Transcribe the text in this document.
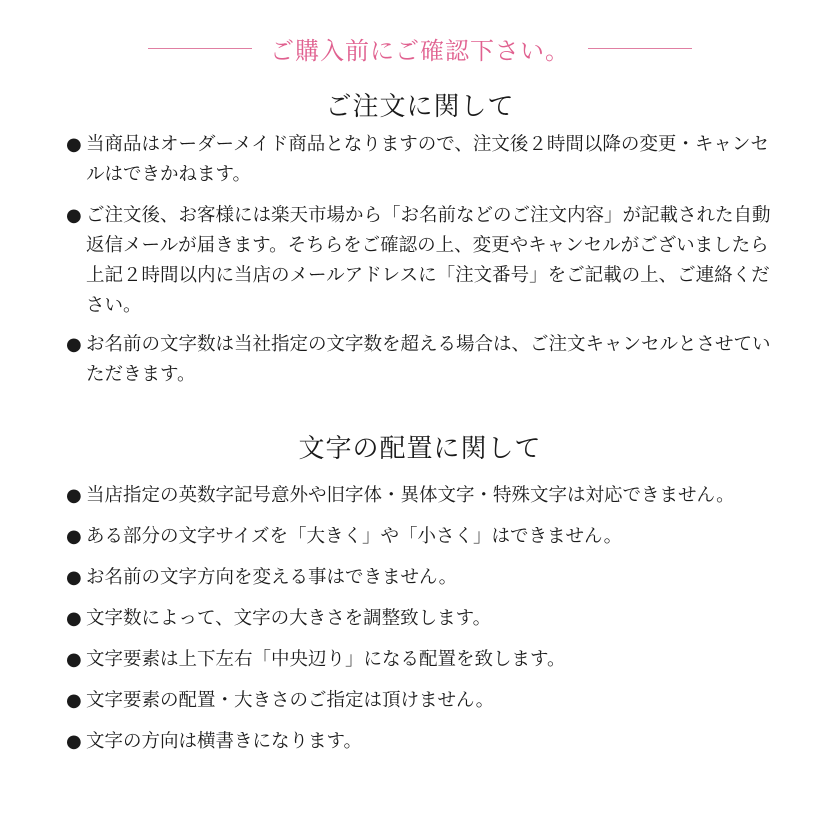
ご購入前にご確認下さい。
ご注文に関して
● 当商品はオーダーメイド商品となりますので、注文後２時間以降の変更・キャンセルはできかねます。
● ご注文後、お客様には楽天市場から「お名前などのご注文内容」が記載された自動返信メールが届きます。そちらをご確認の上、変更やキャンセルがございましたら上記２時間以内に当店のメールアドレスに「注文番号」をご記載の上、ご連絡ください。
● お名前の文字数は当社指定の文字数を超える場合は、ご注文キャンセルとさせていただきます。
文字の配置に関して
● 当店指定の英数字記号意外や旧字体・異体文字・特殊文字は対応できません。
● ある部分の文字サイズを「大きく」や「小さく」はできません。
● お名前の文字方向を変える事はできません。
● 文字数によって、文字の大きさを調整致します。
● 文字要素は上下左右「中央辺り」になる配置を致します。
● 文字要素の配置・大きさのご指定は頂けません。
● 文字の方向は横書きになります。
